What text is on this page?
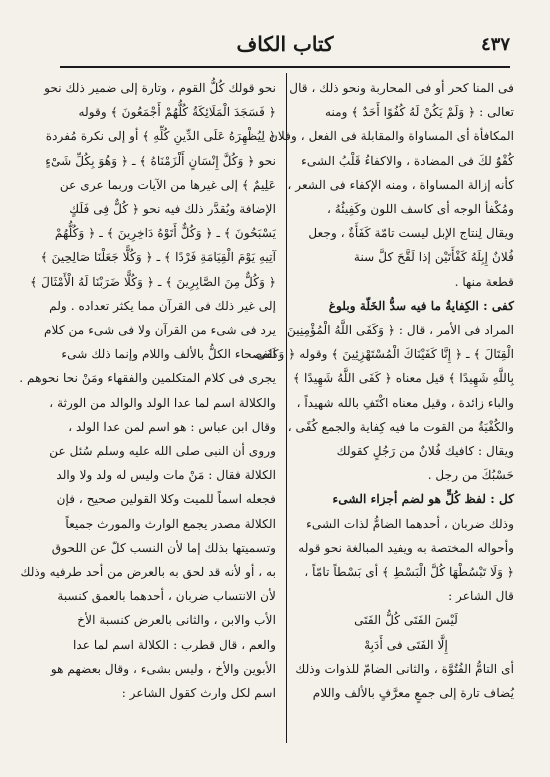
٤٣٧
كتاب الكاف
فى المنا كحر أو فى المحاربة ونحو ذلك ، قال
تعالى : ﴿ وَلَمْ يَكُنْ لَهُ كُفُوًا أَحَدٌ ﴾ ومنه
المكافأة أى المساواة والمقابلة فى الفعل ، وفلان
كُفْوٌ لكَ فى المضادة ، والاكفاءُ قَلْبُ الشىء
كأنه إزالة المساواة ، ومنه الإكفاء فى الشعر ،
ومُكْفأ الوجه أى كاسف اللون وكَفِيئُهُ ،
ويقال لِنتاج الإبل ليست تامّة كَفَأَةٌ ، وجعل
فُلانٌ إِبِلَهُ كَفْأَتَيْن إذا لَقَّحَ كلَّ سنة
قطعة منها .
كفى : الكِفايةُ ما فيه سدُّ الخَلّة وبلوغ
المراد فى الأمر ، قال : ﴿ وَكَفَى اللَّهُ الْمُؤْمِنِينَ
الْقِتَالَ ﴾ ـ ﴿ إِنَّا كَفَيْنَاكَ الْمُسْتَهْزِئِينَ ﴾ وقوله ﴿ وَكَفَى
بِاللَّهِ شَهِيدًا ﴾ قيل معناه ﴿ كَفَى اللَّهُ شَهِيدًا ﴾
والباء زائدة ، وقيل معناه اكْتَفِ بالله شهيداً ،
والكُفْيَةُ من القوت ما فيه كِفاية والجمع كُفًى ،
ويقال : كافيك فُلانٌ من رَجُلٍ كقولك
حَسْبُكَ من رجل .
كل : لفظ كُلٍّ هو لضم أجزاء الشىء
وذلك ضربان ، أحدهما الضامُّ لذات الشىء
وأحواله المختصة به ويفيد المبالغة نحو قوله
﴿ وَلَا تَبْسُطْهَا كُلَّ الْبَسْطِ ﴾ أى بَسْطاً تامّاً ،
قال الشاعر :
لَيْسَ الفَتَى كُلُّ الفَتَى
إِلَّا الفَتَى فى أَدَبِهْ
أى التامُّ الفُتُوَّة ، والثانى الضامّ للذوات وذلك
يُضاف تارة إلى جمعٍ معرَّفٍ بالألف واللام
نحو قولك كُلُّ القوم ، وتارة إلى ضمير ذلك نحو
﴿ فَسَجَدَ الْمَلَائِكَةُ كُلُّهُمْ أَجْمَعُونَ ﴾ وقوله
﴿ لِيُظْهِرَهُ عَلَى الدِّينِ كُلِّهِ ﴾ أو إلى نكرة مُفردة
نحو ﴿ وَكُلَّ إِنْسَانٍ أَلْزَمْنَاهُ ﴾ ـ ﴿ وَهُوَ بِكُلِّ شَىْءٍ
عَلِيمٌ ﴾ إلى غيرها من الآيات وربما عرى عن
الإضافة ويُقدَّر ذلك فيه نحو ﴿ كُلٌّ فِى فَلَكٍ
يَسْبَحُونَ ﴾ ـ ﴿ وَكُلٌّ أَتَوْهُ دَاخِرِينَ ﴾ ـ ﴿ وَكُلُّهُمْ
آتِيهِ يَوْمَ الْقِيَامَةِ فَرْدًا ﴾ ـ ﴿ وَكُلًّا جَعَلْنَا صَالِحِينَ ﴾
﴿ وَكُلٌّ مِنَ الصَّابِرِينَ ﴾ ـ ﴿ وَكُلًّا ضَرَبْنَا لَهُ الْأَمْثَالَ ﴾
إلى غير ذلك فى القرآن مما يكثر تعداده . ولم
يرد فى شىء من القرآن ولا فى شىء من كلام
الفصحاء الكلُّ بالألف واللام وإنما ذلك شىء
يجرى فى كلام المتكلمين والفقهاء ومَنْ نحا نحوهم .
والكلالة اسم لما عدا الولد والوالد من الورثة ،
وقال ابن عباس : هو اسم لمن عدا الولد ،
وروى أن النبى صلى الله عليه وسلم سُئل عن
الكلالة فقال : مَنْ مات وليس له ولد ولا والد
فجعله اسماً للميت وكلا القولين صحيح ، فإن
الكلالة مصدر يجمع الوارث والمورث جميعاً
وتسميتها بذلك إما لأن النسب كلّ عن اللحوق
به ، أو لأنه قد لحق به بالعرض من أحد طرفيه وذلك
لأن الانتساب ضربان ، أحدهما بالعمق كنسبة
الأب والابن ، والثانى بالعرض كنسبة الأخ
والعم ، قال قطرب : الكلالة اسم لما عدا
الأبوين والأخ ، وليس بشىء ، وقال بعضهم هو
اسم لكل وارث كقول الشاعر :
